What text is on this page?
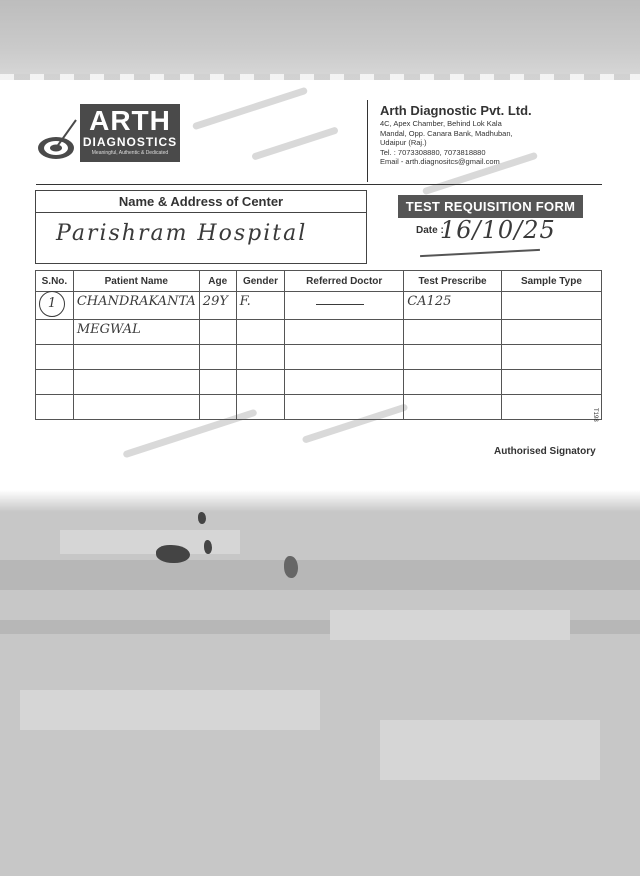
ARTH
DIAGNOSTICS
Meaningful, Authentic & Dedicated
Arth Diagnostic Pvt. Ltd.
4C, Apex Chamber, Behind Lok Kala
Mandal, Opp. Canara Bank, Madhuban,
Udaipur (Raj.)
Tel. : 7073308880, 7073818880
Email - arth.diagnositcs@gmail.com
Name & Address of Center
Parishram Hospital
TEST REQUISITION FORM
Date :
16/10/25
S.No.	Patient Name	Age	Gender	Referred Doctor	Test Prescribe	Sample Type
1	CHANDRAKANTA	29Y	F.		CA125	
	MEGWAL					

T198
Authorised Signatory
